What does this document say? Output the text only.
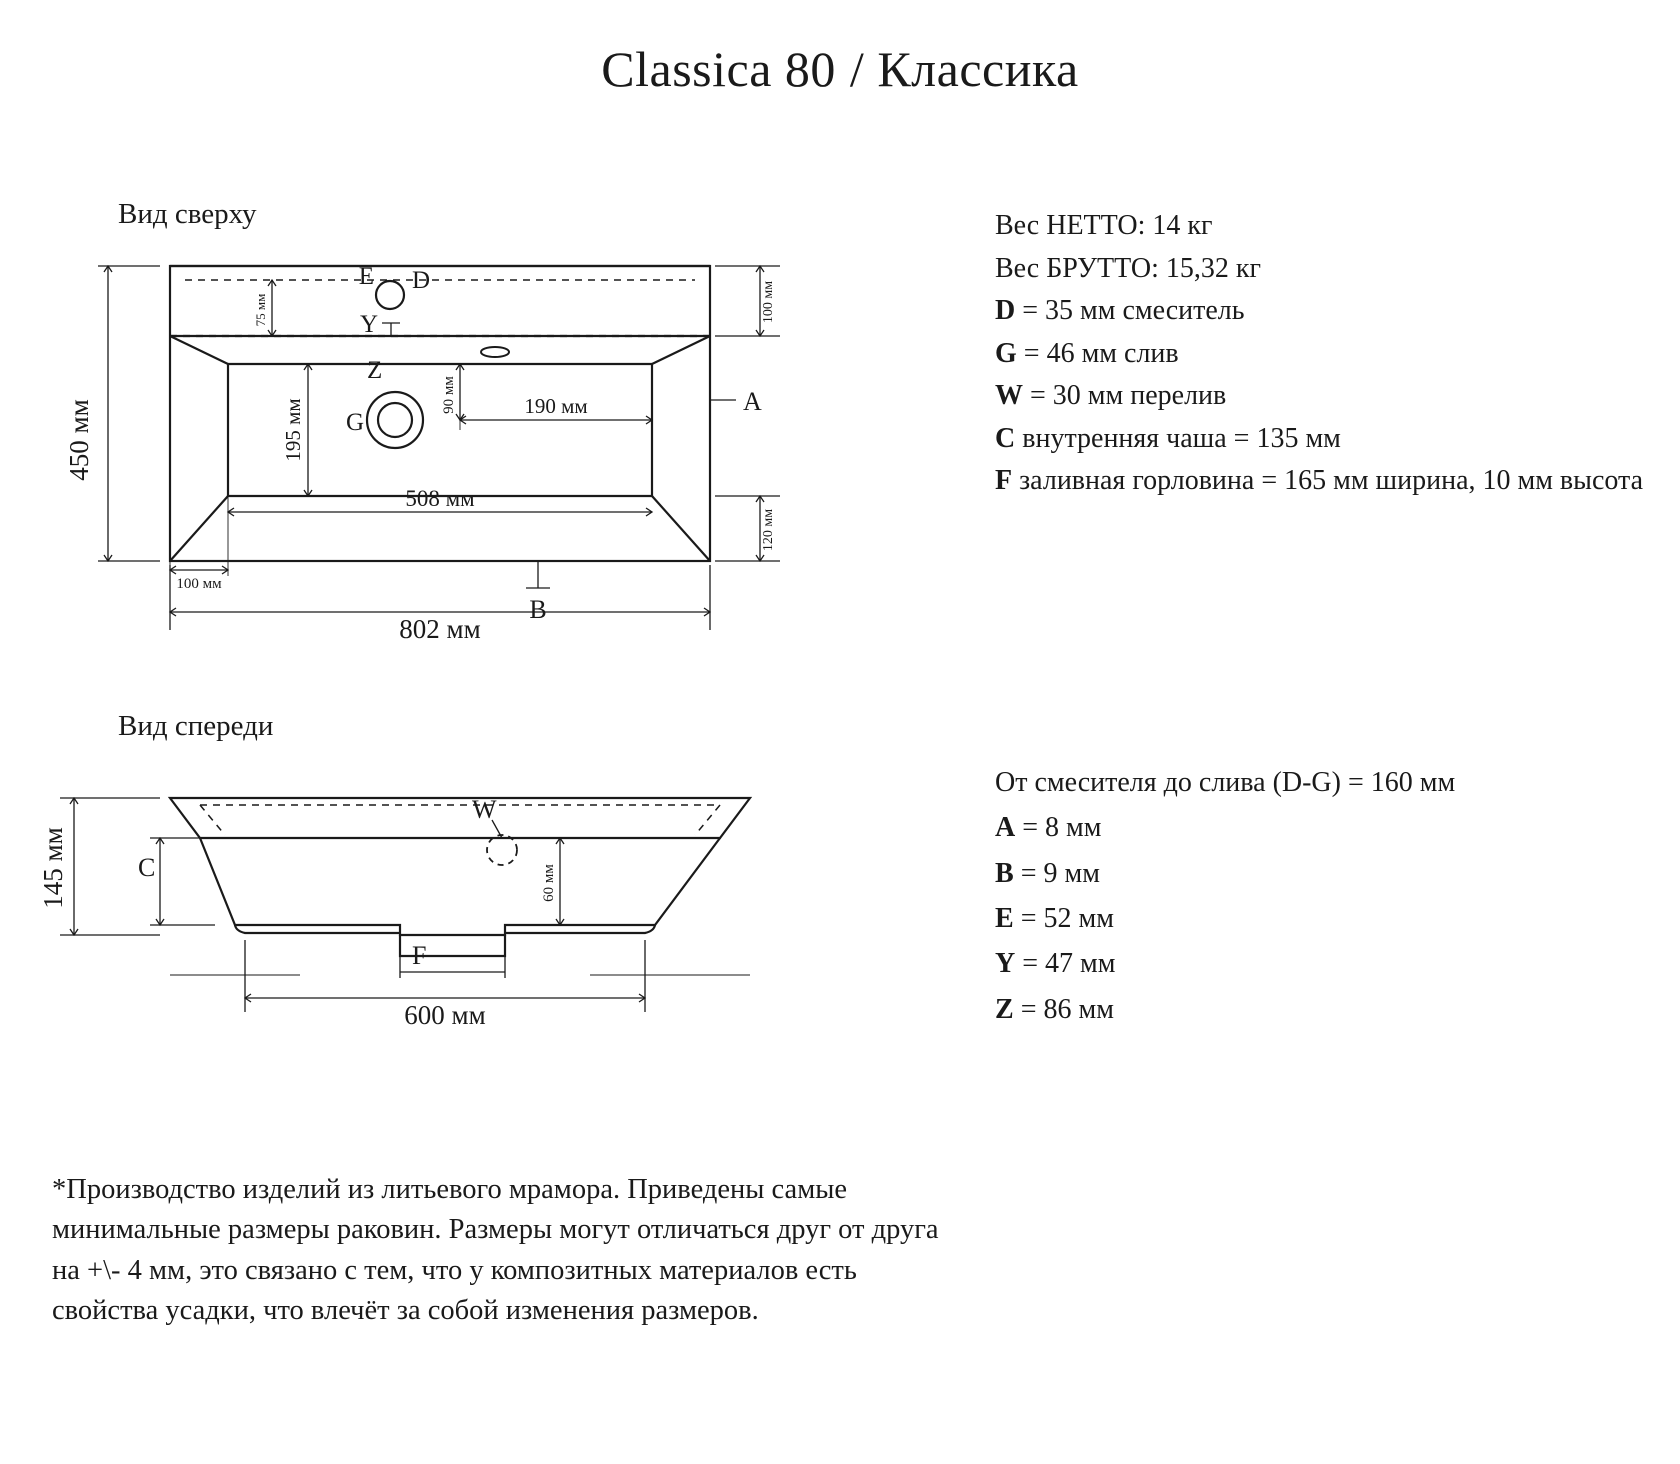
Classica 80 / Классика
Вид сверху
450 мм
802 мм
508 мм
195 мм
100 мм
120 мм
75 мм
90 мм	190 мм
100 мм
E D
Y
Z
G
A
B
Вид спереди
145 мм
600 мм
60 мм
C
F
W
Вес НЕТТО: 14 кг
Вес БРУТТО: 15,32 кг
D = 35 мм смеситель
G = 46 мм слив
W = 30 мм перелив
C внутренняя чаша = 135 мм
F заливная горловина = 165 мм ширина, 10 мм высота
От смесителя до слива (D-G) = 160 мм
A = 8 мм
B = 9 мм
E = 52 мм
Y = 47 мм
Z = 86 мм
*Производство изделий из литьевого мрамора. Приведены самые минимальные размеры раковин. Размеры могут отличаться друг от друга на +\- 4 мм, это связано с тем, что у композитных материалов есть свойства усадки, что влечёт за собой изменения размеров.
